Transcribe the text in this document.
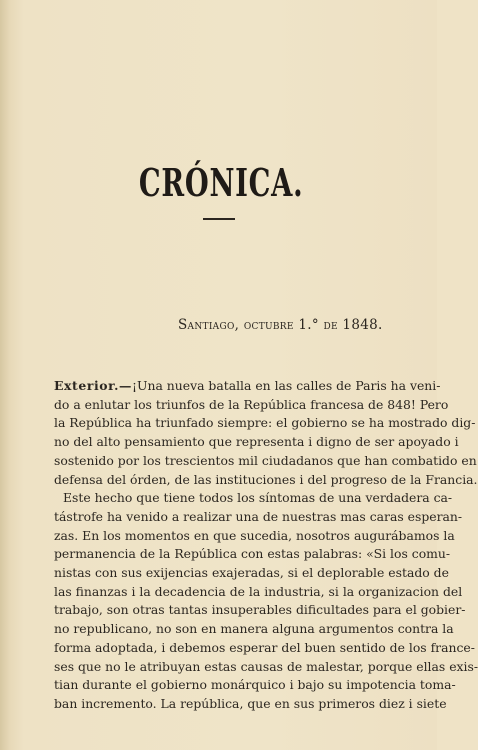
CRÓNICA.
Santiago, octubre 1.° de 1848.
Exterior.—¡Una nueva batalla en las calles de Paris ha veni-
do a enlutar los triunfos de la República francesa de 848! Pero
la República ha triunfado siempre: el gobierno se ha mostrado dig-
no del alto pensamiento que representa i digno de ser apoyado i
sostenido por los trescientos mil ciudadanos que han combatido en
defensa del órden, de las instituciones i del progreso de la Francia.
Este hecho que tiene todos los síntomas de una verdadera ca-
tástrofe ha venido a realizar una de nuestras mas caras esperan-
zas. En los momentos en que sucedia, nosotros augurábamos la
permanencia de la República con estas palabras: «Si los comu-
nistas con sus exijencias exajeradas, si el deplorable estado de
las finanzas i la decadencia de la industria, si la organizacion del
trabajo, son otras tantas insuperables dificultades para el gobier-
no republicano, no son en manera alguna argumentos contra la
forma adoptada, i debemos esperar del buen sentido de los france-
ses que no le atribuyan estas causas de malestar, porque ellas exis-
tian durante el gobierno monárquico i bajo su impotencia toma-
ban incremento. La república, que en sus primeros diez i siete
